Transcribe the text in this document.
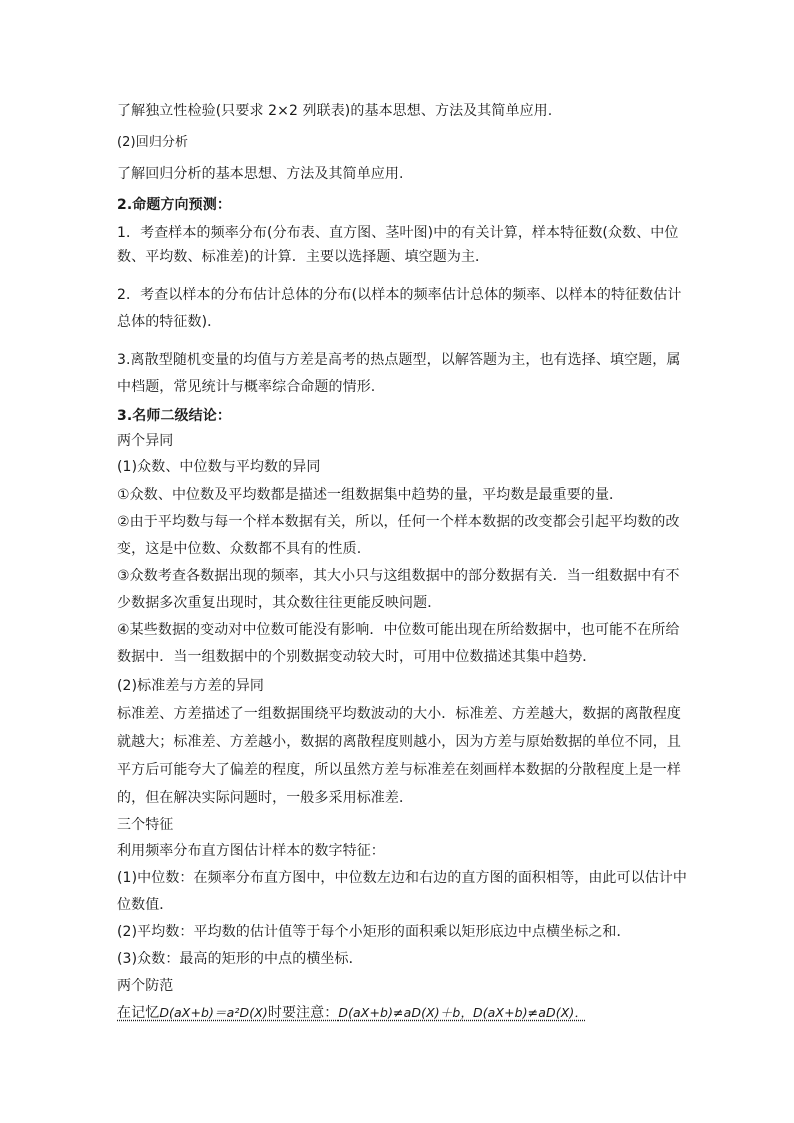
了解独立性检验(只要求 2×2 列联表)的基本思想、方法及其简单应用.
(2)回归分析
了解回归分析的基本思想、方法及其简单应用.
2.命题方向预测：
1．考查样本的频率分布(分布表、直方图、茎叶图)中的有关计算，样本特征数(众数、中位
数、平均数、标准差)的计算．主要以选择题、填空题为主．
2．考查以样本的分布估计总体的分布(以样本的频率估计总体的频率、以样本的特征数估计
总体的特征数)．
3.离散型随机变量的均值与方差是高考的热点题型，以解答题为主，也有选择、填空题，属
中档题，常见统计与概率综合命题的情形.
3.名师二级结论：
两个异同
(1)众数、中位数与平均数的异同
①众数、中位数及平均数都是描述一组数据集中趋势的量，平均数是最重要的量．
②由于平均数与每一个样本数据有关，所以，任何一个样本数据的改变都会引起平均数的改
变，这是中位数、众数都不具有的性质.
③众数考查各数据出现的频率，其大小只与这组数据中的部分数据有关．当一组数据中有不
少数据多次重复出现时，其众数往往更能反映问题．
④某些数据的变动对中位数可能没有影响．中位数可能出现在所给数据中，也可能不在所给
数据中．当一组数据中的个别数据变动较大时，可用中位数描述其集中趋势．
(2)标准差与方差的异同
标准差、方差描述了一组数据围绕平均数波动的大小．标准差、方差越大，数据的离散程度
就越大；标准差、方差越小，数据的离散程度则越小，因为方差与原始数据的单位不同，且
平方后可能夸大了偏差的程度，所以虽然方差与标准差在刻画样本数据的分散程度上是一样
的，但在解决实际问题时，一般多采用标准差．
三个特征
利用频率分布直方图估计样本的数字特征：
(1)中位数：在频率分布直方图中，中位数左边和右边的直方图的面积相等，由此可以估计中
位数值．
(2)平均数：平均数的估计值等于每个小矩形的面积乘以矩形底边中点横坐标之和．
(3)众数：最高的矩形的中点的横坐标．
两个防范
在记忆D(aX+b)＝a²D(X)时要注意：D(aX+b)≠aD(X)＋b，D(aX+b)≠aD(X)．
